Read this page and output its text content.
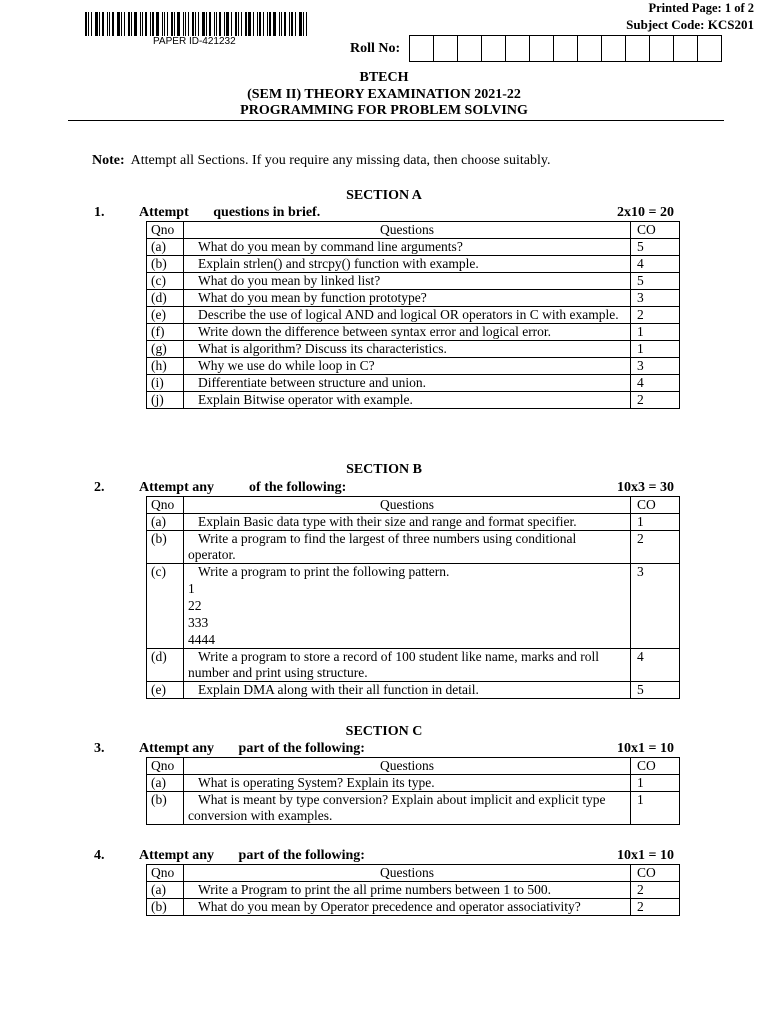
PAPER ID-421232
Printed Page: 1 of 2
Subject Code: KCS201
Roll No:
BTECH
(SEM II) THEORY EXAMINATION 2021-22
PROGRAMMING FOR PROBLEM SOLVING
Note: Attempt all Sections. If you require any missing data, then choose suitably.
SECTION A
1. Attempt       questions in brief.	2x10 = 20
Qno	Questions	CO
(a)	What do you mean by command line arguments?	5
(b)	Explain strlen() and strcpy() function with example.	4
(c)	What do you mean by linked list?	5
(d)	What do you mean by function prototype?	3
(e)	Describe the use of logical AND and logical OR operators in C with example.	2
(f)	Write down the difference between syntax error and logical error.	1
(g)	What is algorithm? Discuss its characteristics.	1
(h)	Why we use do while loop in C?	3
(i)	Differentiate between structure and union.	4
(j)	Explain Bitwise operator with example.	2
SECTION B
2. Attempt any          of the following:	10x3 = 30
Qno	Questions	CO
(a)	Explain Basic data type with their size and range and format specifier.	1
(b)	Write a program to find the largest of three numbers using conditional operator.	2
(c)	Write a program to print the following pattern.
1
22
333
4444	3
(d)	Write a program to store a record of 100 student like name, marks and roll number and print using structure.	4
(e)	Explain DMA along with their all function in detail.	5
SECTION C
3. Attempt any       part of the following:	10x1 = 10
Qno	Questions	CO
(a)	What is operating System? Explain its type.	1
(b)	What is meant by type conversion? Explain about implicit and explicit type conversion with examples.	1
4. Attempt any       part of the following:	10x1 = 10
Qno	Questions	CO
(a)	Write a Program to print the all prime numbers between 1 to 500.	2
(b)	What do you mean by Operator precedence and operator associativity?	2
